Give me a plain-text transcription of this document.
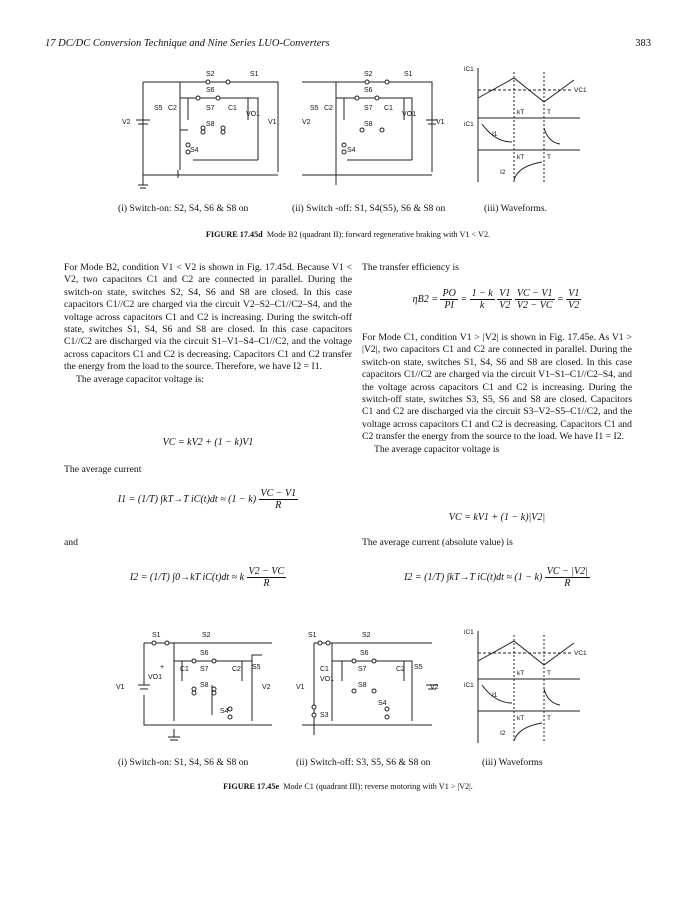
17 DC/DC Conversion Technique and Nine Series LUO-Converters	383
S2	S1
S6
S5 C2	S7 C1
VO1
S8
V2	V1
S4
S2	S1
S6
S5 C2	S7 C1
VO1
S8
V2	V1
S4
iC1
VC1
iC1
kT	T
I1
kT	T
I2
(i) Switch-on: S2, S4, S6 & S8 on	(ii) Switch -off: S1, S4(S5), S6 & S8 on	(iii) Waveforms.
FIGURE 17.45d Mode B2 (quadrant II): forward regenerative braking with V1 < V2.

For Mode B2, condition V1 < V2 is shown in Fig. 17.45d. Because V1 < V2, two capacitors C1 and C2 are connected in parallel. During the switch-on state, switches S2, S4, S6 and S8 are closed. In this case capacitors C1//C2 are charged via the circuit V2–S2–C1//C2–S4, and the voltage across capacitors C1 and C2 is increasing. During the switch-off state, switches S1, S4, S6 and S8 are closed. In this case capacitors C1//C2 are discharged via the circuit S1–V1–S4–C1//C2, and the voltage across capacitors C1 and C2 is decreasing. Capacitors C1 and C2 transfer the energy from the load to the source. Therefore, we have I2 = I1.

The average capacitor voltage is:

VC = kV2 + (1 − k)V1
The average current
I1 = (1/T) ∫kT→T $iC(t)dt \approx (1 - k) \frac{VC - V1}{R}$
and
I2 = (1/T) ∫0→kT iC(t)dt ≈ k $\frac{V2 - VC}{R}$
The transfer efficiency is
$\eta B2 = \frac{PO}{PI} = \frac{1 - k}{k}$
$\frac{V1}{V2}$
$\frac{VC - V1}{V2 - VC} = \frac{V1}{V2}$

For Mode C1, condition V1 > |V2| is shown in Fig. 17.45e. As V1 > |V2|, two capacitors C1 and C2 are connected in parallel. During the switch-on state, switches S1, S4, S6 and S8 are closed. In this case capacitors C1//C2 are charged via the circuit V1–S1–C1//C2–S4, and the voltage across capacitors C1 and C2 is increasing. During the switch-off state, switches S3, S5, S6 and S8 are closed. Capacitors C1 and C2 are discharged via the circuit S3–V2–S5–C1//C2, and the voltage across capacitors C1 and C2 is decreasing. Capacitors C1 and C2 transfer the energy from the source to the load. We have I1 = I2.

The average capacitor voltage is

VC = kV1 + (1 − k)|V2|
The average current (absolute value) is
I2 = (1/T) ∫kT→T $iC(t)dt \approx (1 - k) \frac{VC - |V2|}{R}$
S1	S2
S6
+ C1 S7	C2 S5
VO1
S8
V1	V2
S4
S1	S2
S6
C1	S7	C2 S5
VO1
S8
V1	V2
S3
S4
iC1
VC1
iC1
kT	T
I1
kT	T
I2
(i) Switch-on: S1, S4, S6 & S8 on	(ii) Switch-off: S3, S5, S6 & S8 on	(iii) Waveforms
FIGURE 17.45e Mode C1 (quadrant III): reverse motoring with V1 > |V2|.
